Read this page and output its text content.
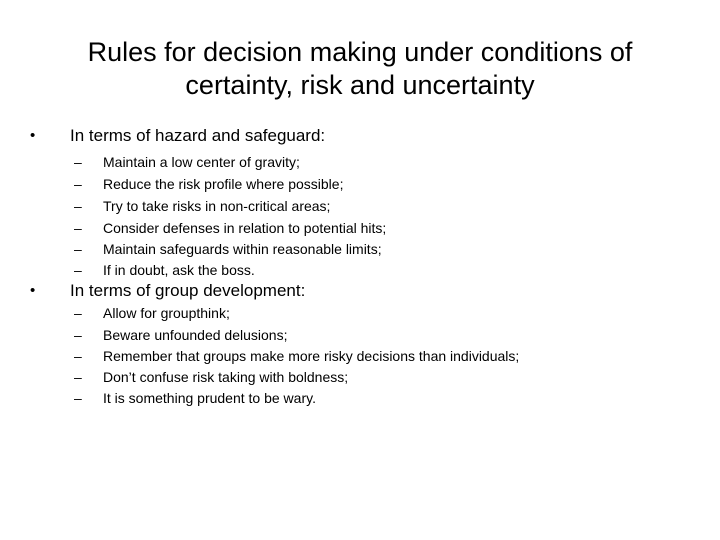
Rules for decision making under conditions of
certainty, risk and uncertainty
• In terms of hazard and safeguard:
– Maintain a low center of gravity;
– Reduce the risk profile where possible;
– Try to take risks in non-critical areas;
– Consider defenses in relation to potential hits;
– Maintain safeguards within reasonable limits;
– If in doubt, ask the boss.
• In terms of group development:
– Allow for groupthink;
– Beware unfounded delusions;
– Remember that groups make more risky decisions than individuals;
– Don’t confuse risk taking with boldness;
– It is something prudent to be wary.
